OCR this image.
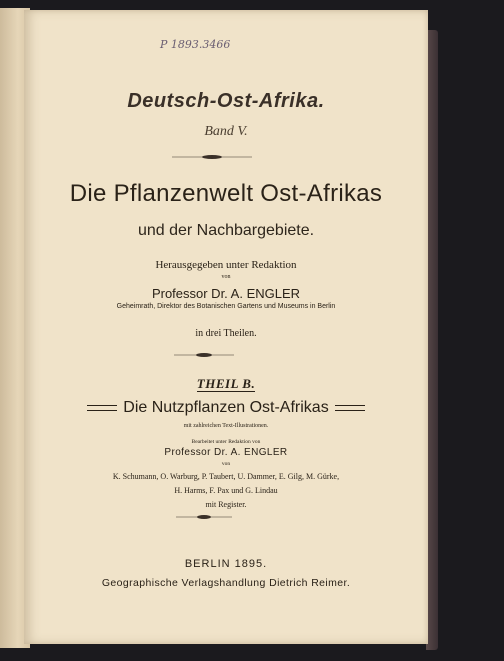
P 1893.3466
Deutsch-Ost-Afrika.
Band V.
Die Pflanzenwelt Ost-Afrikas
und der Nachbargebiete.
Herausgegeben unter Redaktion
von
Professor Dr. A. ENGLER
Geheimrath, Direktor des Botanischen Gartens und Museums in Berlin
in drei Theilen.
THEIL B.
Die Nutzpflanzen Ost-Afrikas
mit zahlreichen Text-Illustrationen.
Bearbeitet unter Redaktion von
Professor Dr. A. ENGLER
von
K. Schumann, O. Warburg, P. Taubert, U. Dammer, E. Gilg, M. Gürke,
H. Harms, F. Pax und G. Lindau
mit Register.
BERLIN 1895.
Geographische Verlagshandlung Dietrich Reimer.
